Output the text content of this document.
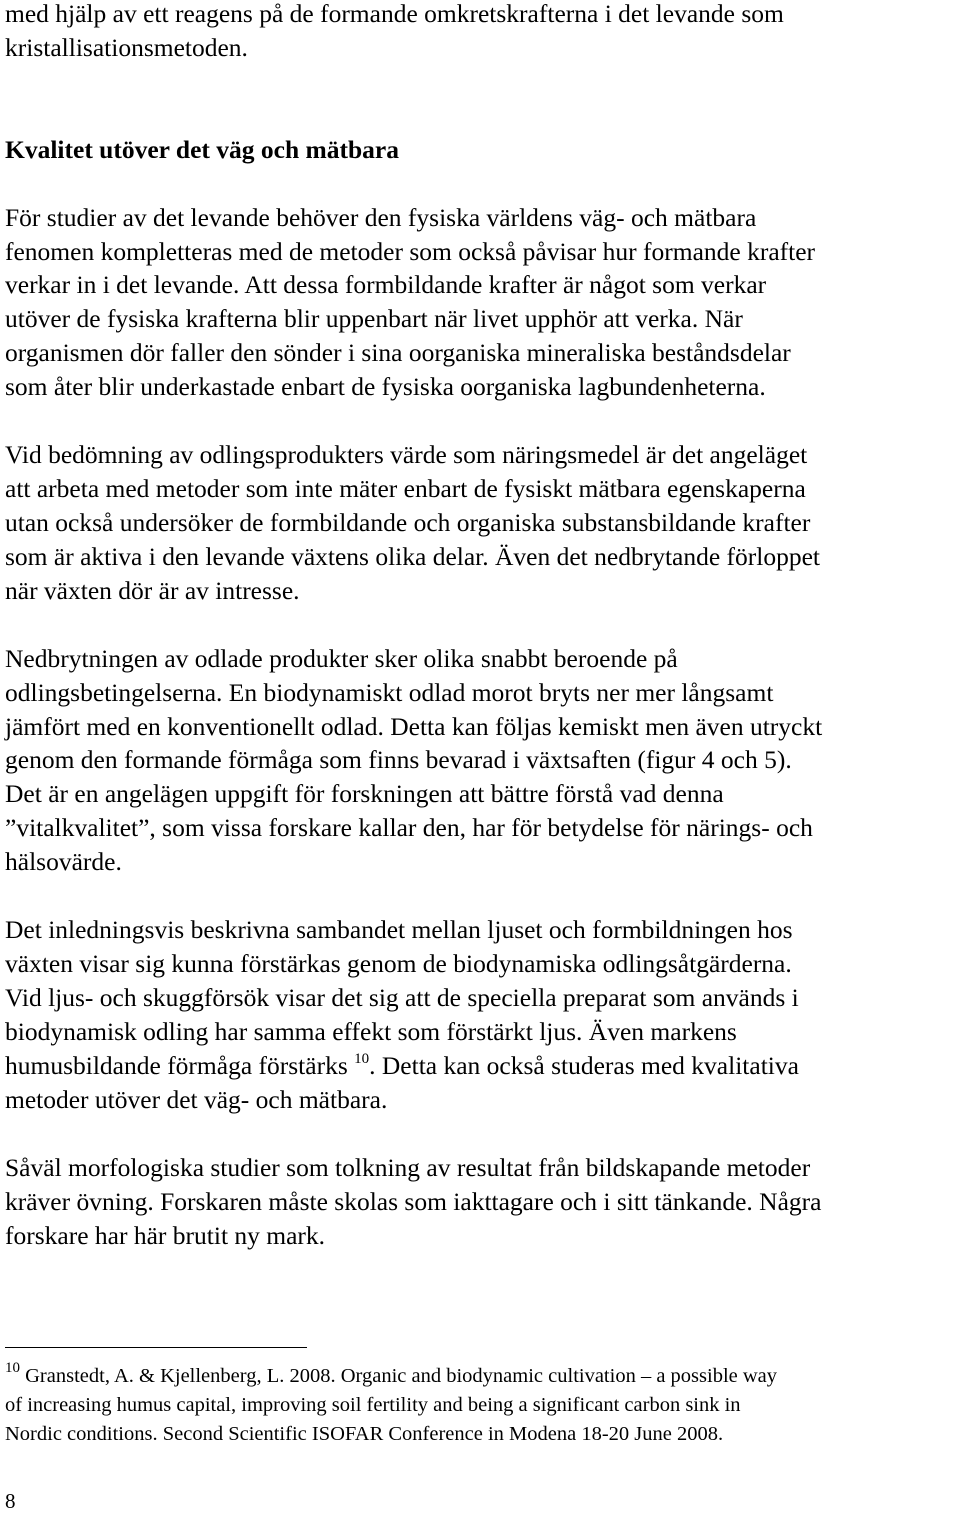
med hjälp av ett reagens på de formande omkretskrafterna i det levande som
kristallisationsmetoden.
Kvalitet utöver det väg och mätbara
För studier av det levande behöver den fysiska världens väg- och mätbara
fenomen kompletteras med de metoder som också påvisar hur formande krafter
verkar in i det levande. Att dessa formbildande krafter är något som verkar
utöver de fysiska krafterna blir uppenbart när livet upphör att verka. När
organismen dör faller den sönder i sina oorganiska mineraliska beståndsdelar
som åter blir underkastade enbart de fysiska oorganiska lagbundenheterna.
Vid bedömning av odlingsprodukters värde som näringsmedel är det angeläget
att arbeta med metoder som inte mäter enbart de fysiskt mätbara egenskaperna
utan också undersöker de formbildande och organiska substansbildande krafter
som är aktiva i den levande växtens olika delar. Även det nedbrytande förloppet
när växten dör är av intresse.
Nedbrytningen av odlade produkter sker olika snabbt beroende på
odlingsbetingelserna. En biodynamiskt odlad morot bryts ner mer långsamt
jämfört med en konventionellt odlad. Detta kan följas kemiskt men även utryckt
genom den formande förmåga som finns bevarad i växtsaften (figur 4 och 5).
Det är en angelägen uppgift för forskningen att bättre förstå vad denna
”vitalkvalitet”, som vissa forskare kallar den, har för betydelse för närings- och
hälsovärde.
Det inledningsvis beskrivna sambandet mellan ljuset och formbildningen hos
växten visar sig kunna förstärkas genom de biodynamiska odlingsåtgärderna.
Vid ljus- och skuggförsök visar det sig att de speciella preparat som används i
biodynamisk odling har samma effekt som förstärkt ljus. Även markens
humusbildande förmåga förstärks $^{10}$. Detta kan också studeras med kvalitativa
metoder utöver det väg- och mätbara.
Såväl morfologiska studier som tolkning av resultat från bildskapande metoder
kräver övning. Forskaren måste skolas som iakttagare och i sitt tänkande. Några
forskare har här brutit ny mark.
$^{10}$ Granstedt, A. & Kjellenberg, L. 2008. Organic and biodynamic cultivation – a possible way
of increasing humus capital, improving soil fertility and being a significant carbon sink in
Nordic conditions. Second Scientific ISOFAR Conference in Modena 18-20 June 2008.
8
